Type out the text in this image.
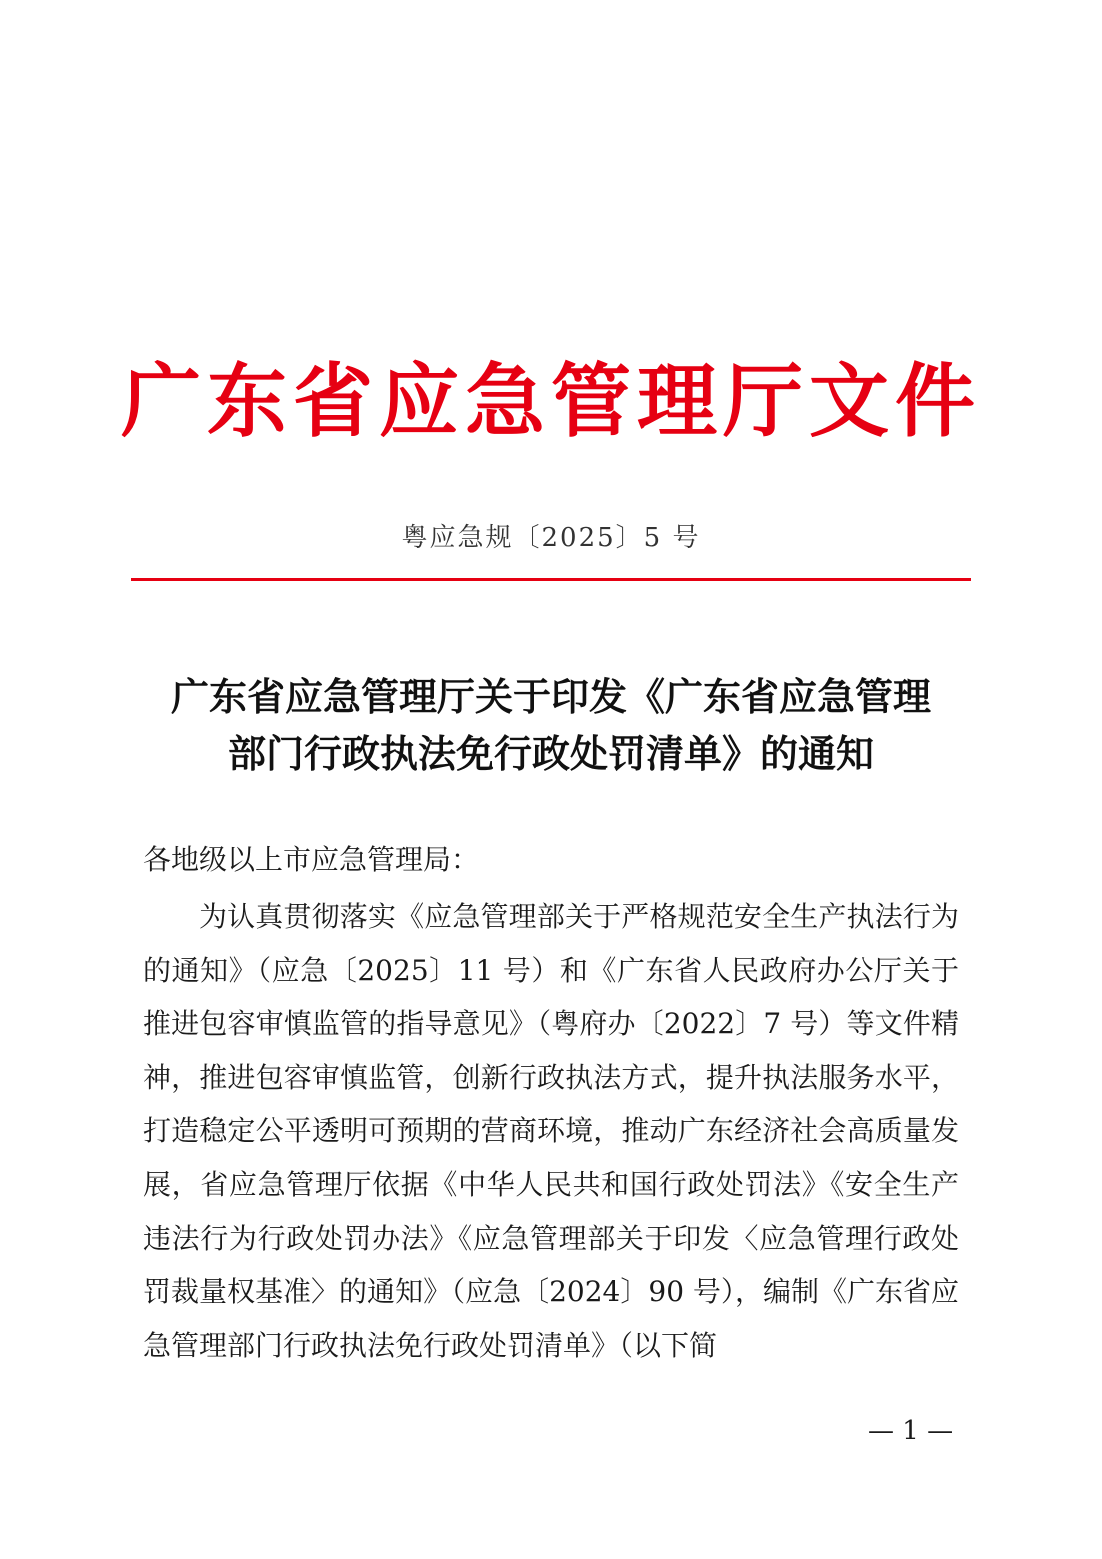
广东省应急管理厅文件
粤应急规〔2025〕5 号
广东省应急管理厅关于印发《广东省应急管理
部门行政执法免行政处罚清单》的通知
各地级以上市应急管理局：
为认真贯彻落实《应急管理部关于严格规范安全生产执法行为的通知》（应急〔2025〕11 号）和《广东省人民政府办公厅关于推进包容审慎监管的指导意见》（粤府办〔2022〕7 号）等文件精神，推进包容审慎监管，创新行政执法方式，提升执法服务水平，打造稳定公平透明可预期的营商环境，推动广东经济社会高质量发展，省应急管理厅依据《中华人民共和国行政处罚法》《安全生产违法行为行政处罚办法》《应急管理部关于印发〈应急管理行政处罚裁量权基准〉的通知》（应急〔2024〕90 号），编制《广东省应急管理部门行政执法免行政处罚清单》（以下简
— 1 —
